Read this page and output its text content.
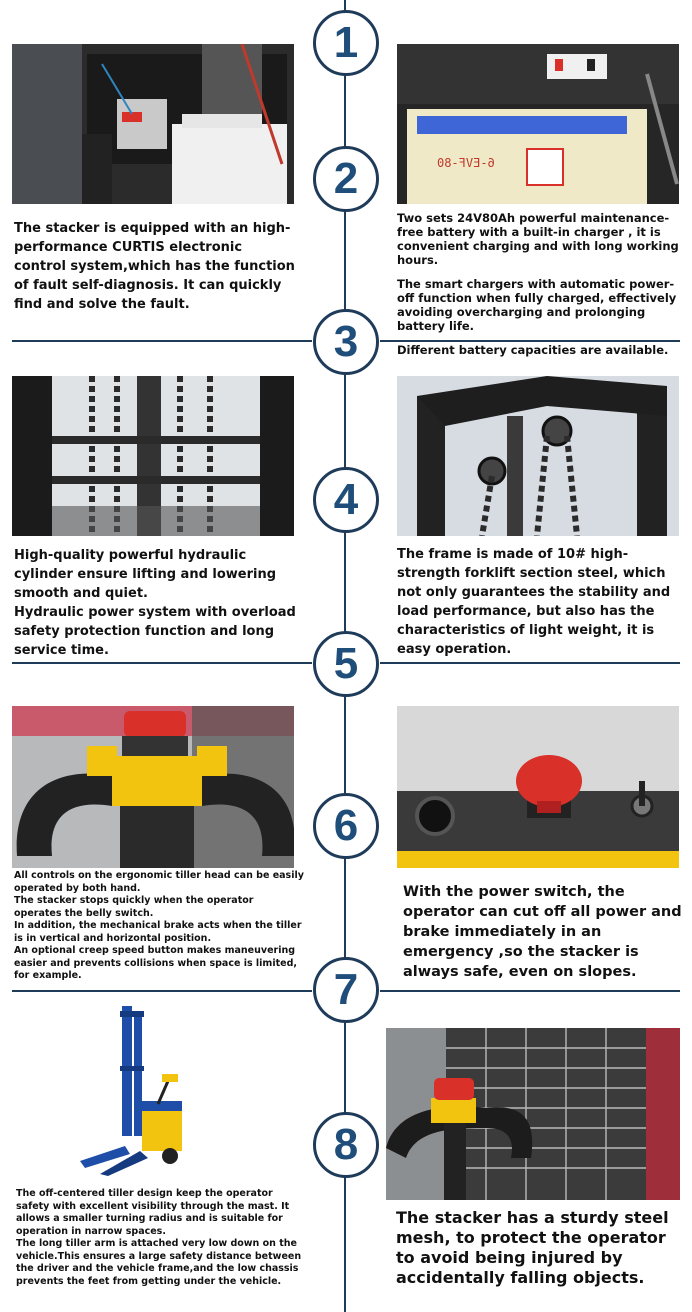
6-EVF-80
1
2
3
4
5
6
7
8

The stacker is equipped with an high-performance CURTIS electronic control system,which has the function of fault self-diagnosis. It can quickly find and solve the fault.

Two sets 24V80Ah powerful maintenance-free battery with a built-in charger , it is convenient charging and with long working hours.

The smart chargers with automatic power-off function when fully charged, effectively avoiding overcharging and prolonging battery life.

Different battery capacities are available.

High-quality powerful hydraulic cylinder ensure lifting and lowering smooth and quiet.

Hydraulic power system with overload safety protection function and long service time.

The frame is made of 10# high-strength forklift section steel, which not only guarantees the stability and load performance, but also has the characteristics of light weight, it is easy operation.

All controls on the ergonomic tiller head can be easily operated by both hand.

The stacker stops quickly when the operator operates the belly switch.

In addition, the mechanical brake acts when the tiller is in vertical and horizontal position.

An optional creep speed button makes maneuvering easier and prevents collisions when space is limited, for example.

With the power switch, the operator can cut off all power and brake immediately in an emergency ,so the stacker is always safe, even on slopes.

The off-centered tiller design keep the operator safety with excellent visibility through the mast. It allows a smaller turning radius and is suitable for operation in narrow spaces.

The long tiller arm is attached very low down on the vehicle.This ensures a large safety distance between the driver and the vehicle frame,and the low chassis prevents the feet from getting under the vehicle.

The stacker has a sturdy steel mesh, to protect the operator to avoid being injured by accidentally falling objects.
